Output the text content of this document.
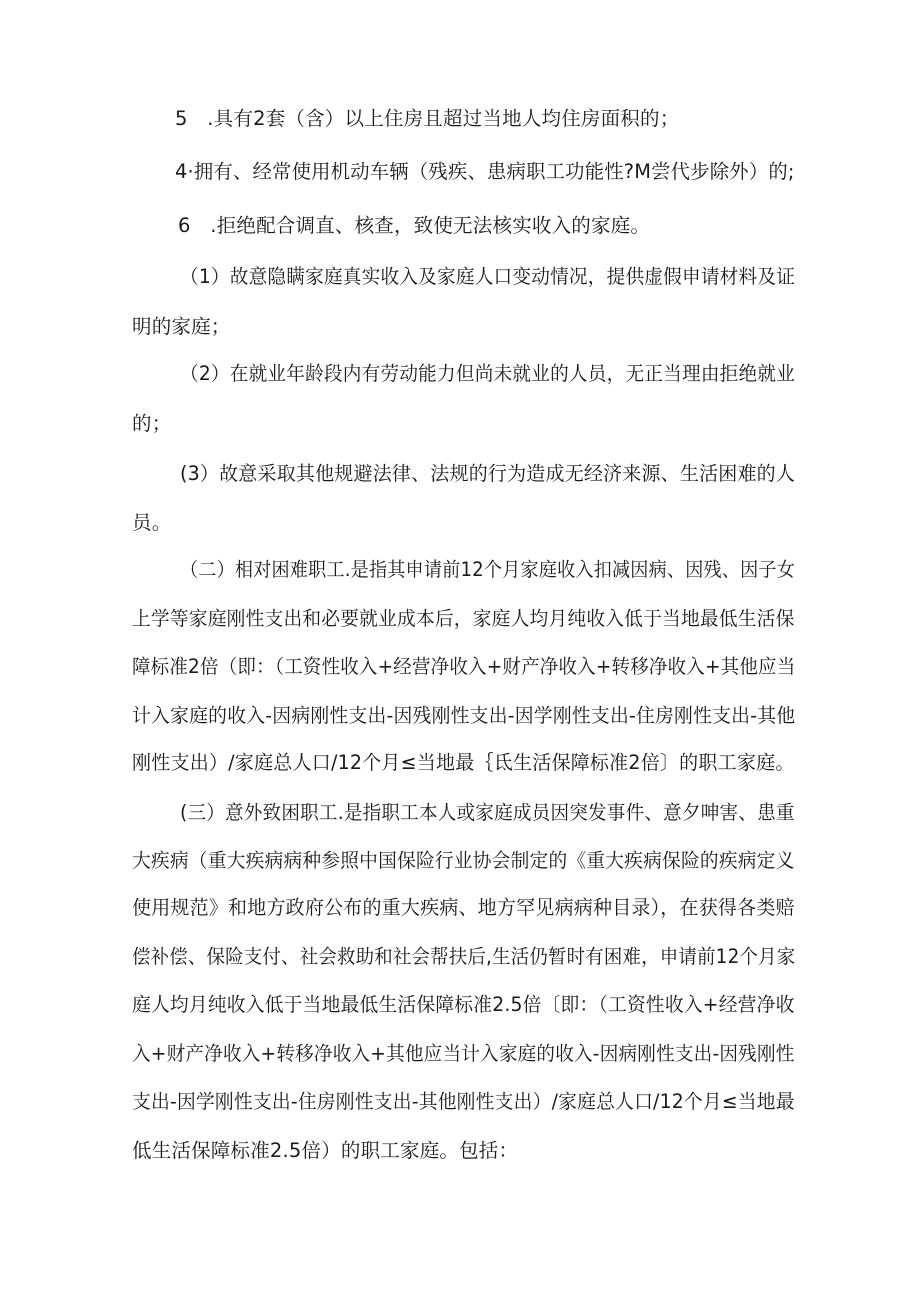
5　.具有2套（含）以上住房且超过当地人均住房面积的；
4·拥有、经常使用机动车辆（残疾、患病职工功能性?M尝代步除外）的;
6　.拒绝配合调直、核查，致使无法核实收入的家庭。
（1）故意隐瞒家庭真实收入及家庭人口变动情况，提供虚假申请材料及证
明的家庭；
（2）在就业年龄段内有劳动能力但尚未就业的人员，无正当理由拒绝就业
的；
(3）故意采取其他规避法律、法规的行为造成无经济来源、生活困难的人
员。
（二）相对困难职工.是指其申请前12个月家庭收入扣减因病、因残、因子女
上学等家庭刚性支出和必要就业成本后，家庭人均月纯收入低于当地最低生活保
障标准2倍（即：（工资性收入+经营净收入+财产净收入+转移净收入+其他应当
计入家庭的收入-因病刚性支出-因残刚性支出-因学刚性支出-住房刚性支出-其他
刚性支出）/家庭总人口/12个月≤当地最｛氐生活保障标准2倍〕的职工家庭。
(三）意外致困职工.是指职工本人或家庭成员因突发事件、意夕呻害、患重
大疾病（重大疾病病种参照中国保险行业协会制定的《重大疾病保险的疾病定义
使用规范》和地方政府公布的重大疾病、地方罕见病病种目录），在获得各类赔
偿补偿、保险支付、社会救助和社会帮扶后,生活仍暂时有困难，申请前12个月家
庭人均月纯收入低于当地最低生活保障标准2.5倍〔即：（工资性收入+经营净收
入+财产净收入+转移净收入+其他应当计入家庭的收入-因病刚性支出-因残刚性
支出-因学刚性支出-住房刚性支出-其他刚性支出）/家庭总人口/12个月≤当地最
低生活保障标准2.5倍）的职工家庭。包括：
